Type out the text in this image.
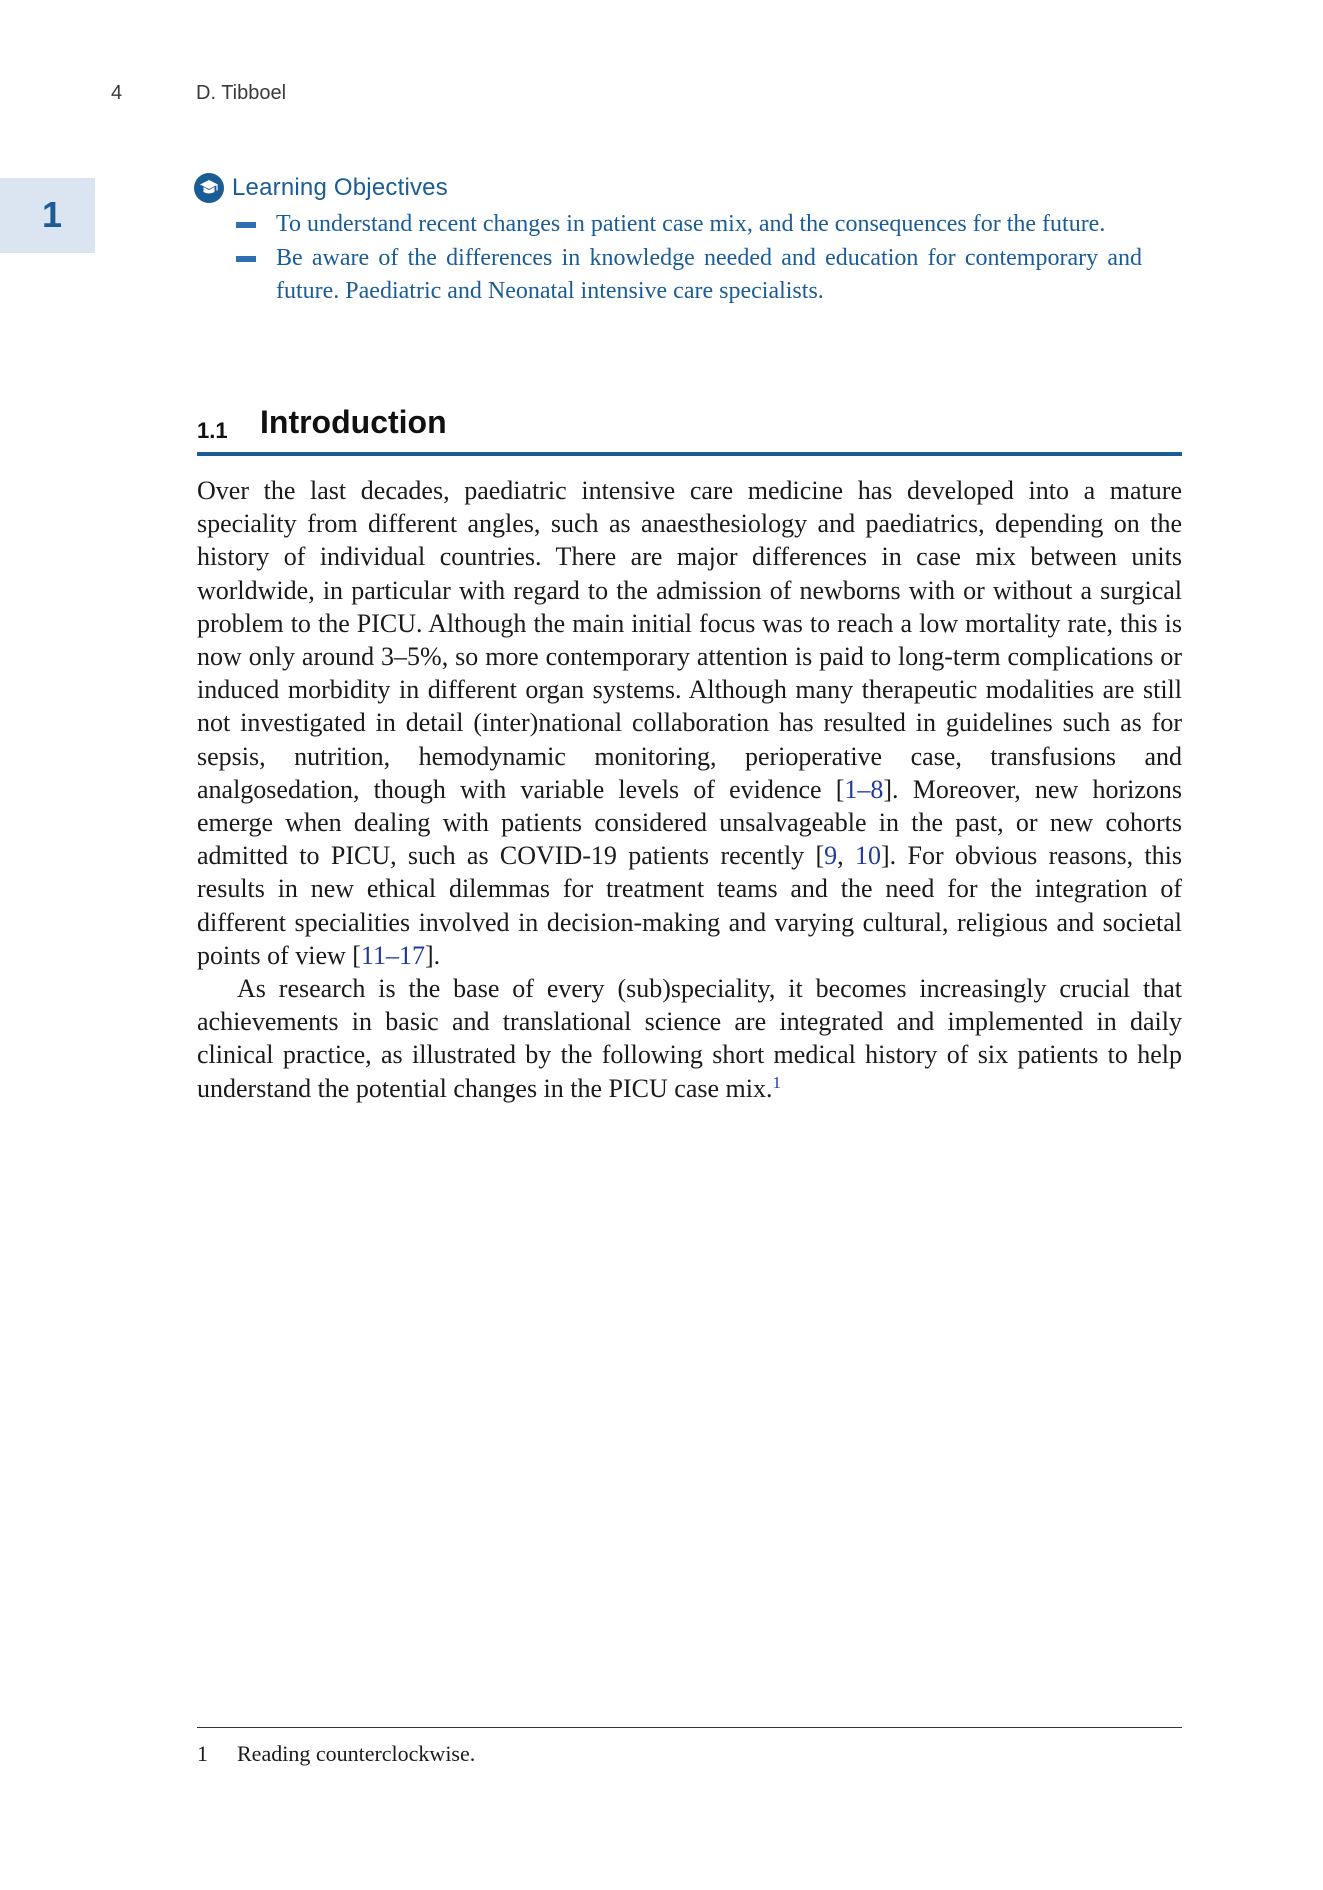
4	D. Tibboel
1
Learning Objectives
To understand recent changes in patient case mix, and the consequences for the future.
Be aware of the differences in knowledge needed and education for contemporary and future. Paediatric and Neonatal intensive care specialists.
1.1 Introduction

Over the last decades, paediatric intensive care medicine has developed into a mature speciality from different angles, such as anaesthesiology and paediatrics, depending on the history of individual countries. There are major differences in case mix between units worldwide, in particular with regard to the admission of newborns with or without a surgical problem to the PICU. Although the main initial focus was to reach a low mortality rate, this is now only around 3–5%, so more contemporary attention is paid to long-term complications or induced morbidity in different organ systems. Although many therapeutic modalities are still not investigated in detail (inter)national collaboration has resulted in guidelines such as for sepsis, nutrition, hemodynamic monitoring, perioperative case, transfusions and analgosedation, though with variable levels of evidence [1–8]. Moreover, new horizons emerge when dealing with patients considered unsalvageable in the past, or new cohorts admitted to PICU, such as COVID-19 patients recently [9, 10]. For obvious reasons, this results in new ethical dilemmas for treatment teams and the need for the integration of different specialities involved in decision-making and varying cultural, religious and societal points of view [11–17].

As research is the base of every (sub)speciality, it becomes increasingly crucial that achievements in basic and translational science are integrated and implemented in daily clinical practice, as illustrated by the following short medical history of six patients to help understand the potential changes in the PICU case mix.$^1$

1 Reading counterclockwise.
